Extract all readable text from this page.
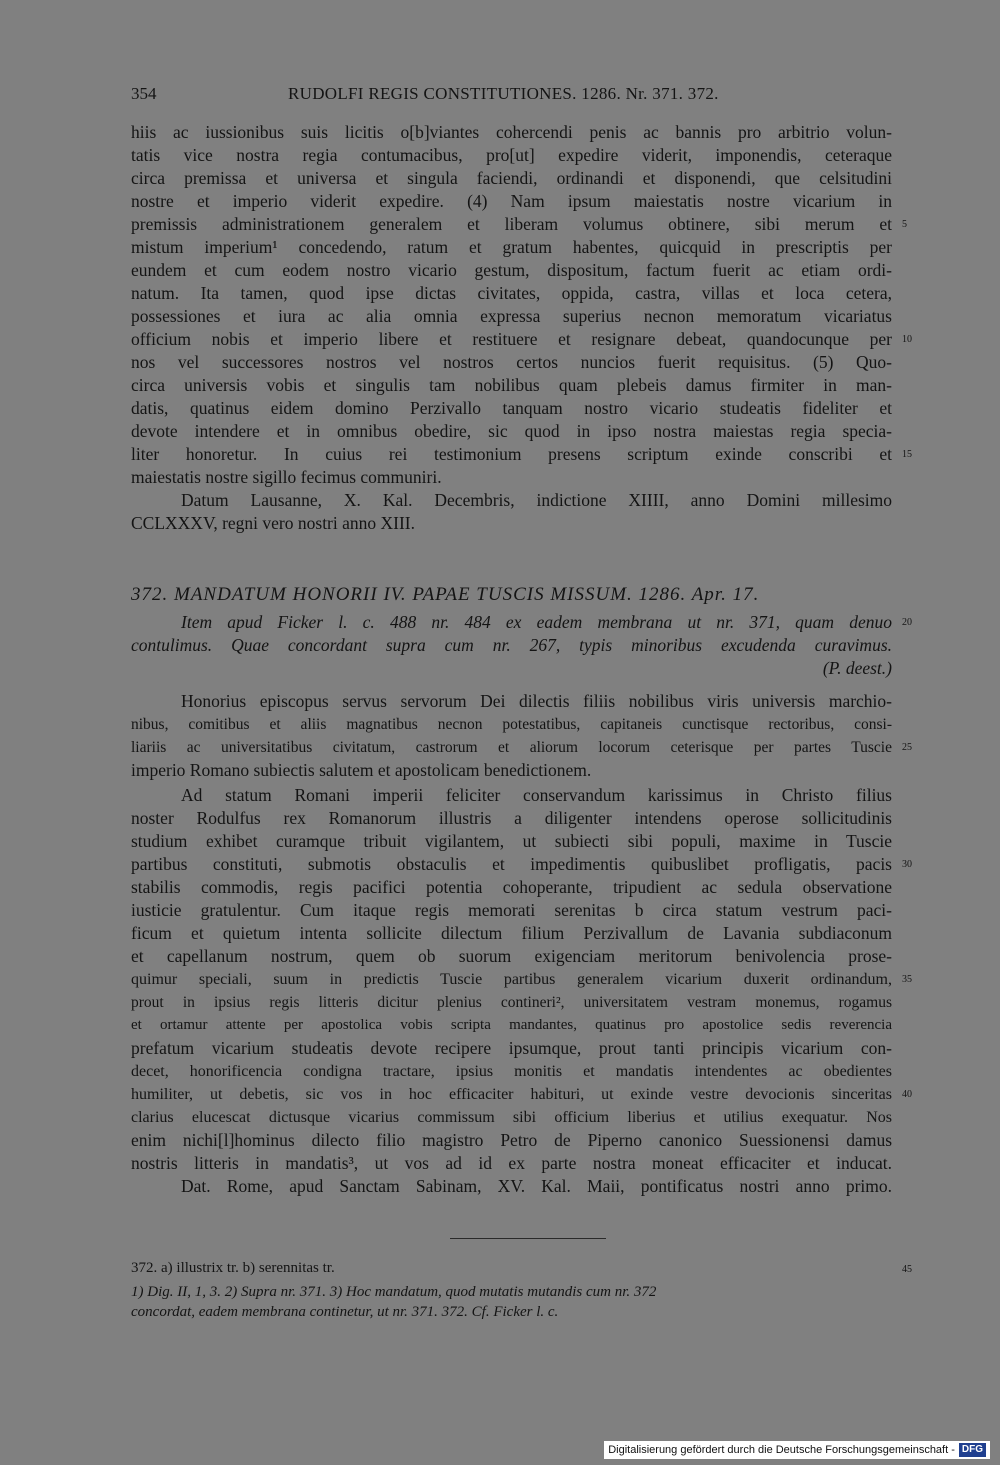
354	RUDOLFI REGIS CONSTITUTIONES. 1286. Nr. 371. 372.
hiis ac iussionibus suis licitis o[b]viantes cohercendi penis ac bannis pro arbitrio volun-
tatis vice nostra regia contumacibus, pro[ut] expedire viderit, imponendis, ceteraque
circa premissa et universa et singula faciendi, ordinandi et disponendi, que celsitudini
nostre et imperio viderit expedire. (4) Nam ipsum maiestatis nostre vicarium in
premissis administrationem generalem et liberam volumus obtinere, sibi merum et
mistum imperium¹ concedendo, ratum et gratum habentes, quicquid in prescriptis per
eundem et cum eodem nostro vicario gestum, dispositum, factum fuerit ac etiam ordi-
natum. Ita tamen, quod ipse dictas civitates, oppida, castra, villas et loca cetera,
possessiones et iura ac alia omnia expressa superius necnon memoratum vicariatus
officium nobis et imperio libere et restituere et resignare debeat, quandocunque per
nos vel successores nostros vel nostros certos nuncios fuerit requisitus. (5) Quo-
circa universis vobis et singulis tam nobilibus quam plebeis damus firmiter in man-
datis, quatinus eidem domino Perzivallo tanquam nostro vicario studeatis fideliter et
devote intendere et in omnibus obedire, sic quod in ipso nostra maiestas regia specia-
liter honoretur. In cuius rei testimonium presens scriptum exinde conscribi et
maiestatis nostre sigillo fecimus communiri.
Datum Lausanne, X. Kal. Decembris, indictione XIIII, anno Domini millesimo
CCLXXXV, regni vero nostri anno XIII.
372. MANDATUM HONORII IV. PAPAE TUSCIS MISSUM. 1286. Apr. 17.
Item apud Ficker l. c. 488 nr. 484 ex eadem membrana ut nr. 371, quam denuo
contulimus. Quae concordant supra cum nr. 267, typis minoribus excudenda curavimus.
(P. deest.)
Honorius episcopus servus servorum Dei dilectis filiis nobilibus viris universis marchio-
nibus, comitibus et aliis magnatibus necnon potestatibus, capitaneis cunctisque rectoribus, consi-
liariis ac universitatibus civitatum, castrorum et aliorum locorum ceterisque per partes Tuscie
imperio Romano subiectis salutem et apostolicam benedictionem.
Ad statum Romani imperii feliciter conservandum karissimus in Christo filius
noster Rodulfus rex Romanorum illustris a diligenter intendens operose sollicitudinis
studium exhibet curamque tribuit vigilantem, ut subiecti sibi populi, maxime in Tuscie
partibus constituti, submotis obstaculis et impedimentis quibuslibet profligatis, pacis
stabilis commodis, regis pacifici potentia cohoperante, tripudient ac sedula observatione
iusticie gratulentur. Cum itaque regis memorati serenitas b circa statum vestrum paci-
ficum et quietum intenta sollicite dilectum filium Perzivallum de Lavania subdiaconum
et capellanum nostrum, quem ob suorum exigenciam meritorum benivolencia prose-
quimur speciali, suum in predictis Tuscie partibus generalem vicarium duxerit ordinandum,
prout in ipsius regis litteris dicitur plenius contineri², universitatem vestram monemus, rogamus
et ortamur attente per apostolica vobis scripta mandantes, quatinus pro apostolice sedis reverencia
prefatum vicarium studeatis devote recipere ipsumque, prout tanti principis vicarium con-
decet, honorificencia condigna tractare, ipsius monitis et mandatis intendentes ac obedientes
humiliter, ut debetis, sic vos in hoc efficaciter habituri, ut exinde vestre devocionis sinceritas
clarius elucescat dictusque vicarius commissum sibi officium liberius et utilius exequatur. Nos
enim nichi[l]hominus dilecto filio magistro Petro de Piperno canonico Suessionensi damus
nostris litteris in mandatis³, ut vos ad id ex parte nostra moneat efficaciter et inducat.
Dat. Rome, apud Sanctam Sabinam, XV. Kal. Maii, pontificatus nostri anno primo.
5
10
15
20
25
30
35
40
45
372. a) illustrix tr. b) serennitas tr.
1) Dig. II, 1, 3. 2) Supra nr. 371. 3) Hoc mandatum, quod mutatis mutandis cum nr. 372
concordat, eadem membrana continetur, ut nr. 371. 372. Cf. Ficker l. c.
Digitalisierung gefördert durch die Deutsche Forschungsgemeinschaft - DFG
